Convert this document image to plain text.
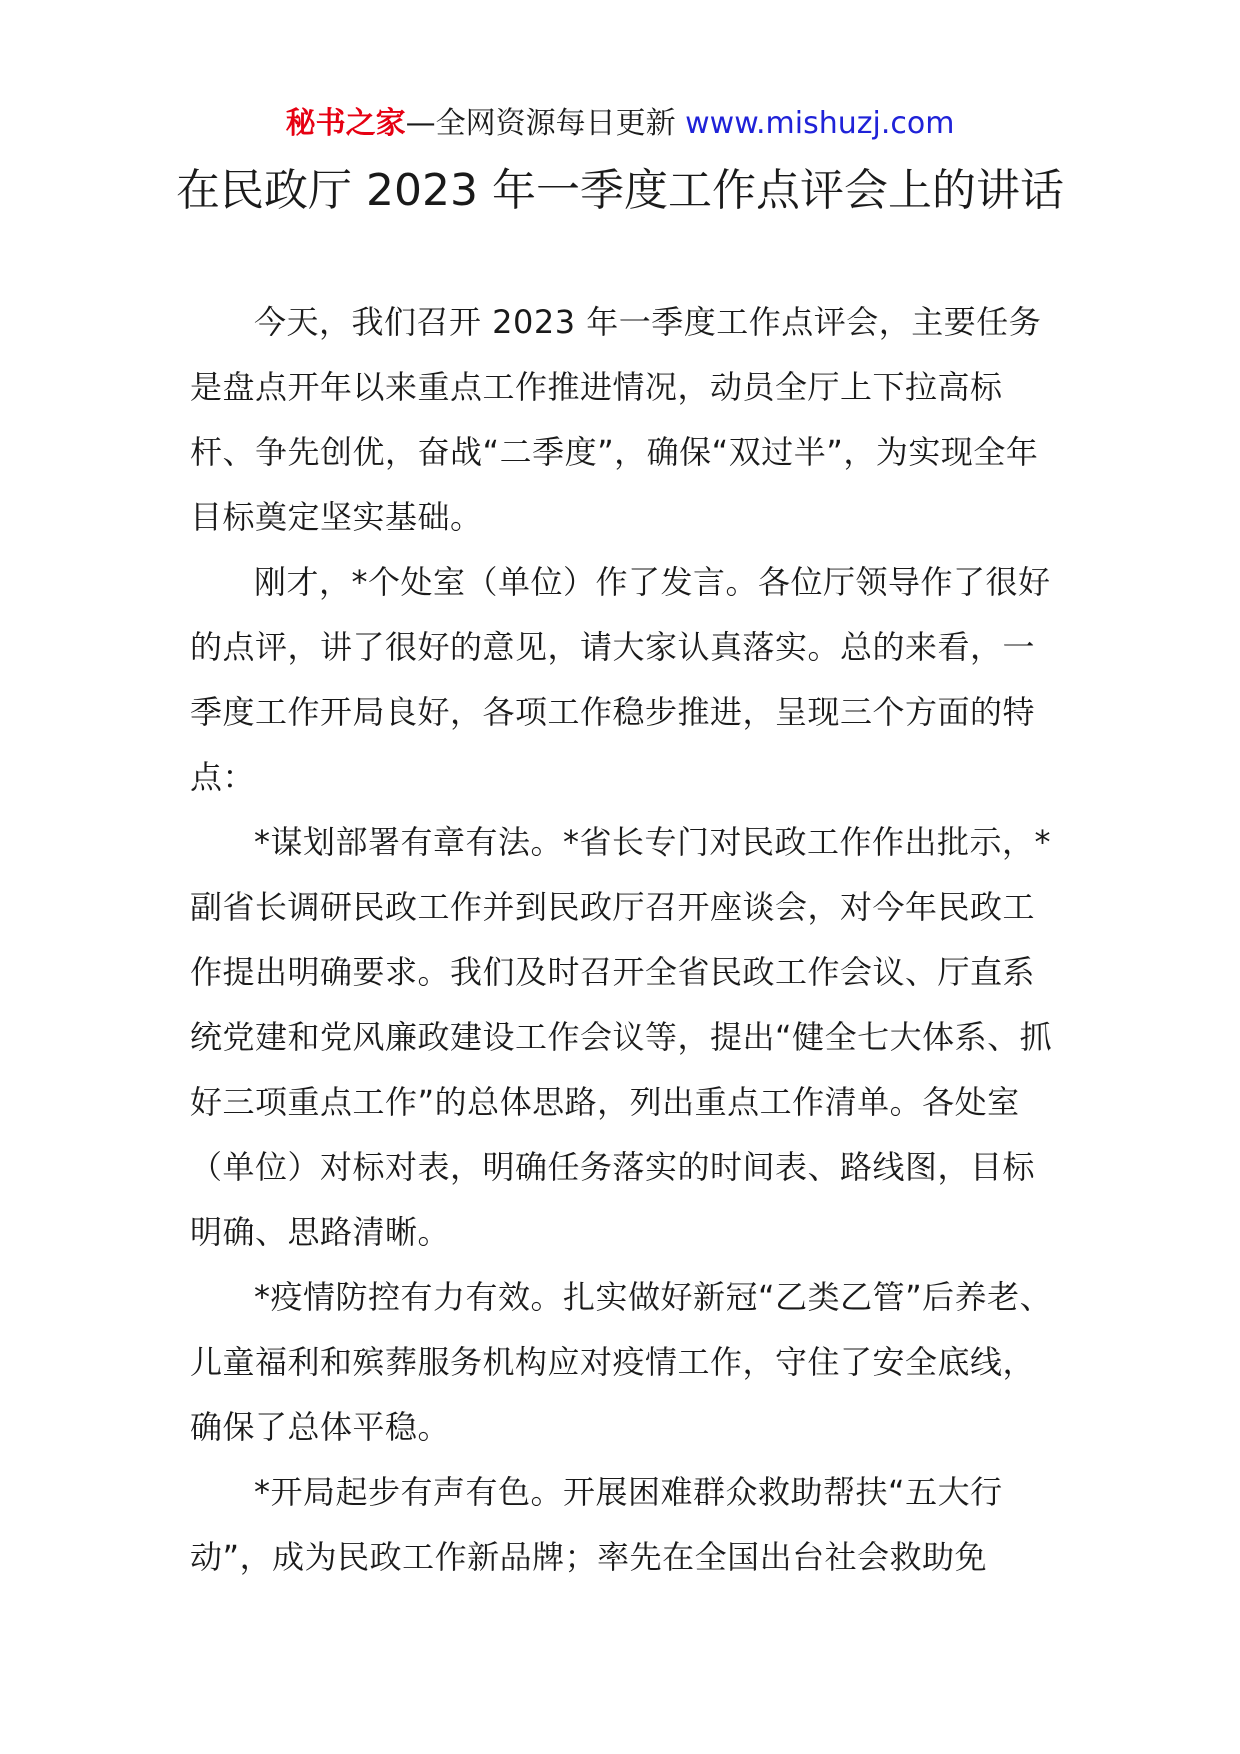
秘书之家—全网资源每日更新 www.mishuzj.com
在民政厅 2023 年一季度工作点评会上的讲话

今天，我们召开 2023 年一季度工作点评会，主要任务是盘点开年以来重点工作推进情况，动员全厅上下拉高标杆、争先创优，奋战“二季度”，确保“双过半”，为实现全年目标奠定坚实基础。

刚才，*个处室（单位）作了发言。各位厅领导作了很好的点评，讲了很好的意见，请大家认真落实。总的来看，一季度工作开局良好，各项工作稳步推进，呈现三个方面的特点：

*谋划部署有章有法。*省长专门对民政工作作出批示，*副省长调研民政工作并到民政厅召开座谈会，对今年民政工作提出明确要求。我们及时召开全省民政工作会议、厅直系统党建和党风廉政建设工作会议等，提出“健全七大体系、抓好三项重点工作”的总体思路，列出重点工作清单。各处室（单位）对标对表，明确任务落实的时间表、路线图，目标明确、思路清晰。

*疫情防控有力有效。扎实做好新冠“乙类乙管”后养老、儿童福利和殡葬服务机构应对疫情工作，守住了安全底线，确保了总体平稳。

*开局起步有声有色。开展困难群众救助帮扶“五大行动”，成为民政工作新品牌；率先在全国出台社会救助免
